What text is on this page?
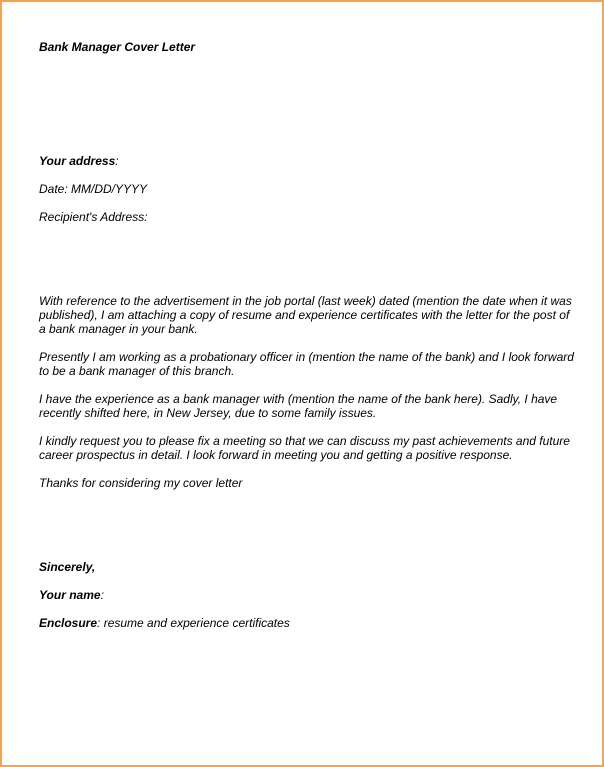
Bank Manager Cover Letter

Your address:

Date: MM/DD/YYYY

Recipient's Address:

With reference to the advertisement in the job portal (last week) dated (mention the date when it was published), I am attaching a copy of resume and experience certificates with the letter for the post of a bank manager in your bank.

Presently I am working as a probationary officer in (mention the name of the bank) and I look forward to be a bank manager of this branch.

I have the experience as a bank manager with (mention the name of the bank here). Sadly, I have recently shifted here, in New Jersey, due to some family issues.

I kindly request you to please fix a meeting so that we can discuss my past achievements and future career prospectus in detail. I look forward in meeting you and getting a positive response.

Thanks for considering my cover letter

Sincerely,

Your name:

Enclosure: resume and experience certificates
